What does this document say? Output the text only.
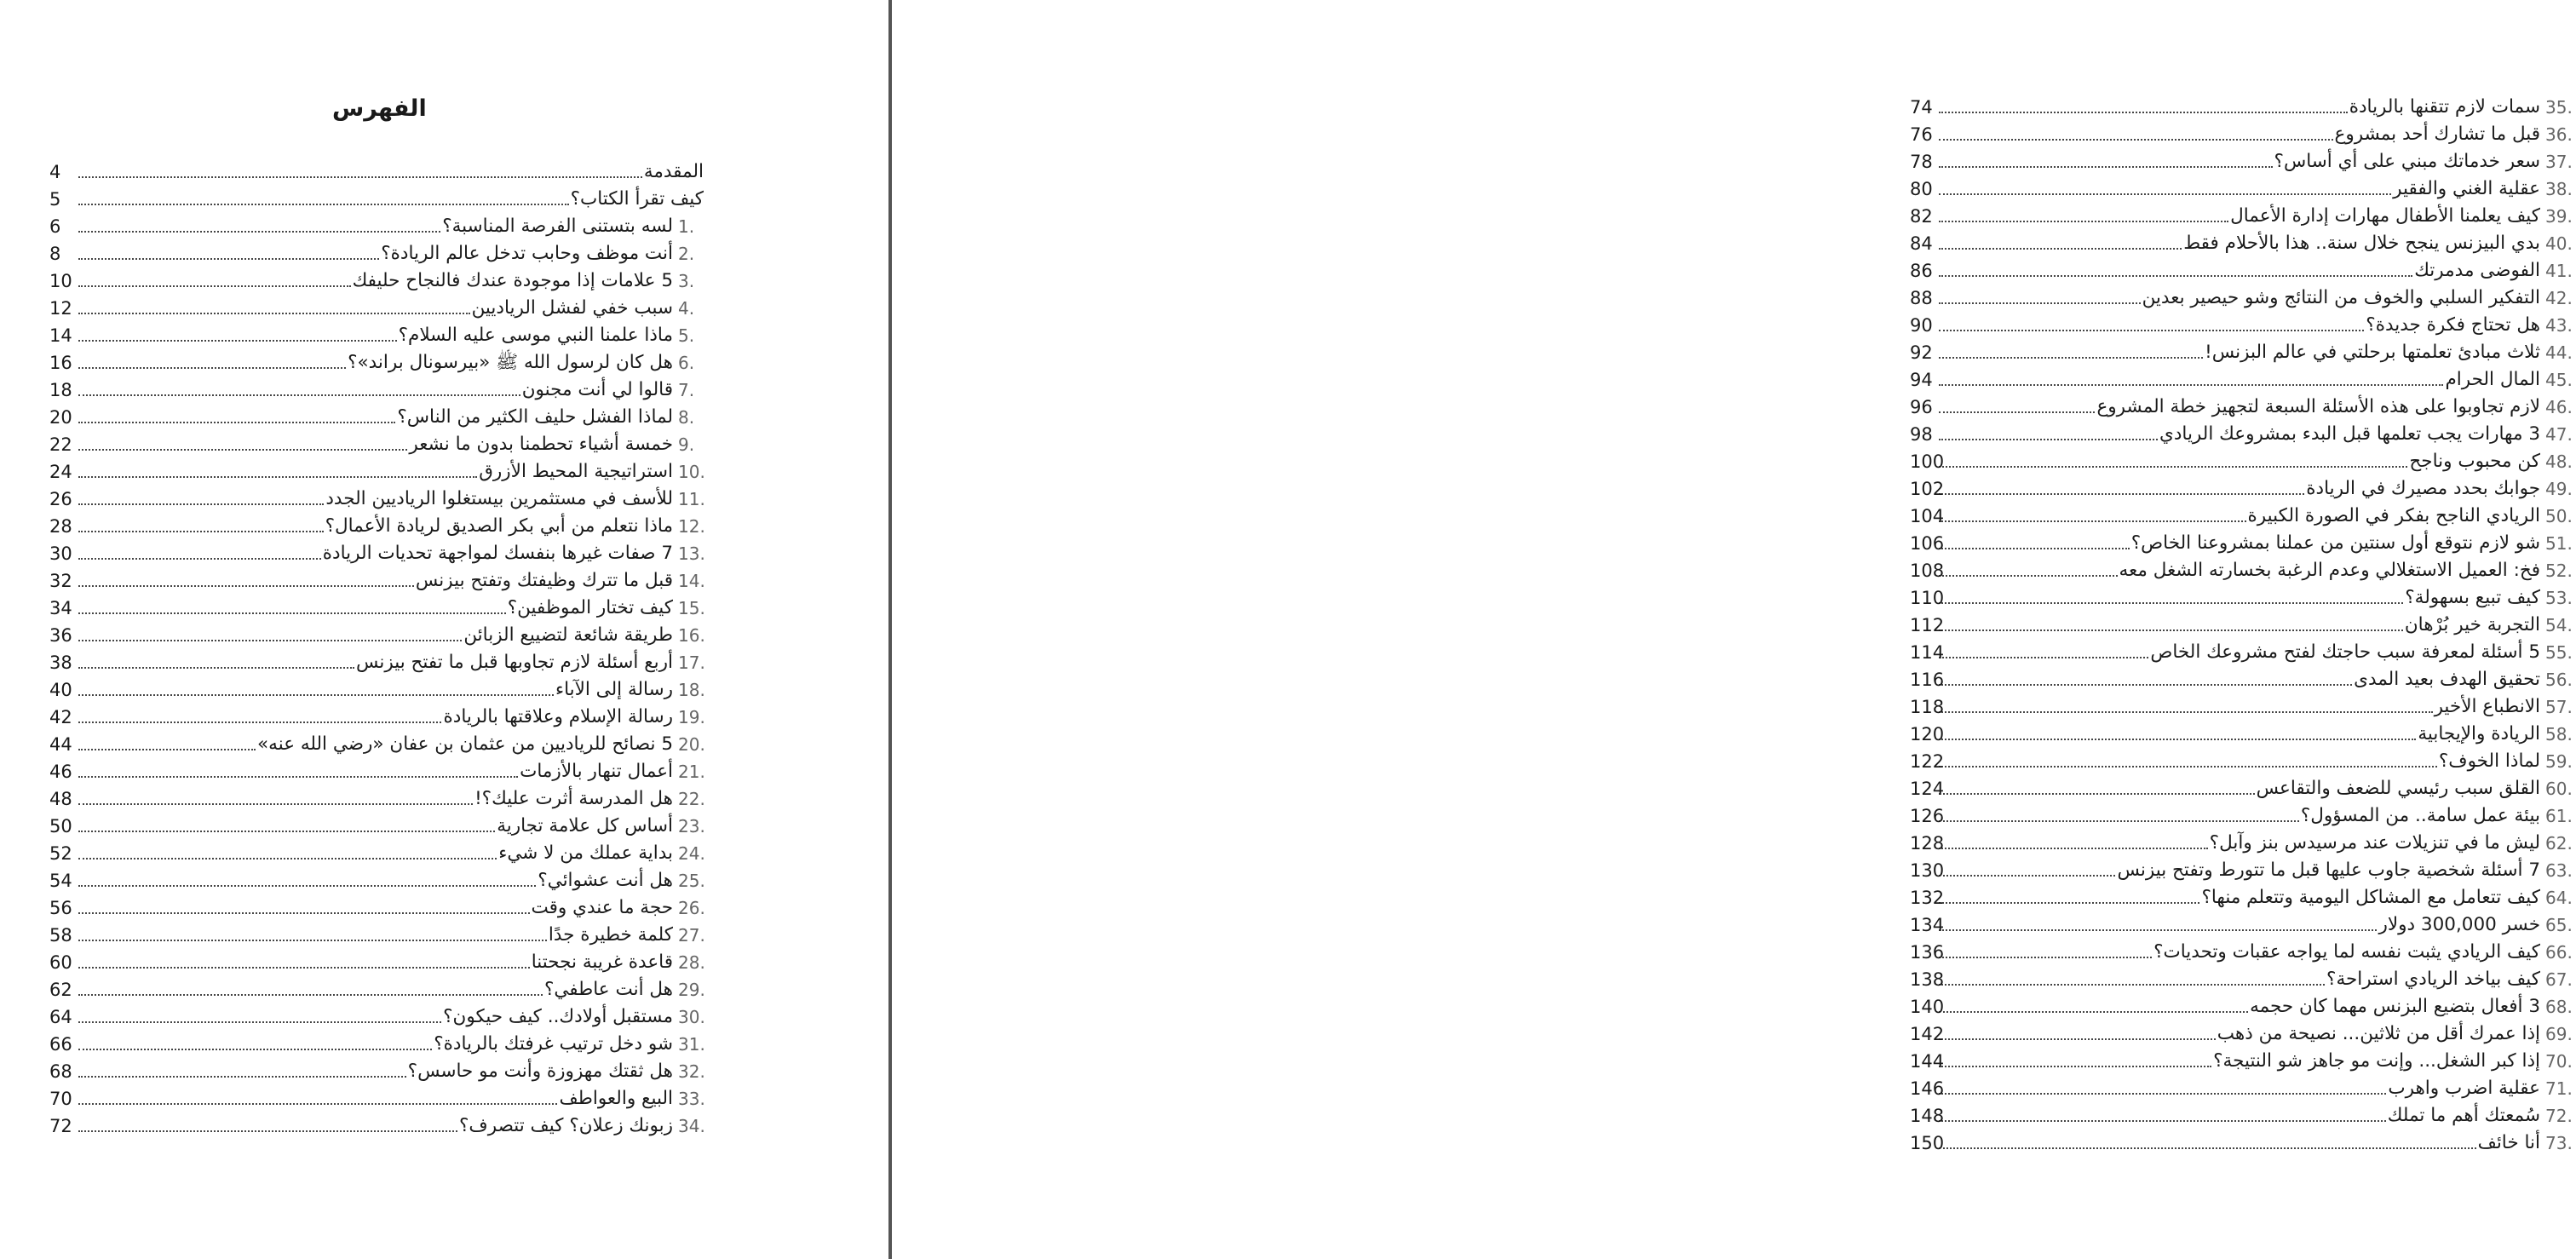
الفهرس
المقدمة
4
كيف تقرأ الكتاب؟
5
1.
لسه بتستنى الفرصة المناسبة؟
6
2.
أنت موظف وحابب تدخل عالم الريادة؟
8
3.
5 علامات إذا موجودة عندك فالنجاح حليفك
10
4.
سبب خفي لفشل الرياديين
12
5.
ماذا علمنا النبي موسى عليه السلام؟
14
6.
هل كان لرسول الله ﷺ «بيرسونال براند»؟
16
7.
قالوا لي أنت مجنون
18
8.
لماذا الفشل حليف الكثير من الناس؟
20
9.
خمسة أشياء تحطمنا بدون ما نشعر
22
10.
استراتيجية المحيط الأزرق
24
11.
للأسف في مستثمرين بيستغلوا الرياديين الجدد
26
12.
ماذا نتعلم من أبي بكر الصديق لريادة الأعمال؟
28
13.
7 صفات غيرها بنفسك لمواجهة تحديات الريادة
30
14.
قبل ما تترك وظيفتك وتفتح بيزنس
32
15.
كيف تختار الموظفين؟
34
16.
طريقة شائعة لتضييع الزبائن
36
17.
أربع أسئلة لازم تجاوبها قبل ما تفتح بيزنس
38
18.
رسالة إلى الآباء
40
19.
رسالة الإسلام وعلاقتها بالريادة
42
20.
5 نصائح للرياديين من عثمان بن عفان «رضي الله عنه»
44
21.
أعمال تنهار بالأزمات
46
22.
هل المدرسة أثرت عليك؟!
48
23.
أساس كل علامة تجارية
50
24.
بداية عملك من لا شيء
52
25.
هل أنت عشوائي؟
54
26.
حجة ما عندي وقت
56
27.
كلمة خطيرة جدًا
58
28.
قاعدة غريبة نجحتنا
60
29.
هل أنت عاطفي؟
62
30.
مستقبل أولادك.. كيف حيكون؟
64
31.
شو دخل ترتيب غرفتك بالريادة؟
66
32.
هل ثقتك مهزوزة وأنت مو حاسس؟
68
33.
البيع والعواطف
70
34.
زبونك زعلان؟ كيف تتصرف؟
72
35.
سمات لازم تتقنها بالريادة
74
36.
قبل ما تشارك أحد بمشروع
76
37.
سعر خدماتك مبني على أي أساس؟
78
38.
عقلية الغني والفقير
80
39.
كيف يعلمنا الأطفال مهارات إدارة الأعمال
82
40.
بدي البيزنس ينجح خلال سنة.. هذا بالأحلام فقط
84
41.
الفوضى مدمرتك
86
42.
التفكير السلبي والخوف من النتائج وشو حيصير بعدين
88
43.
هل تحتاج فكرة جديدة؟
90
44.
ثلاث مبادئ تعلمتها برحلتي في عالم البزنس!
92
45.
المال الحرام
94
46.
لازم تجاوبوا على هذه الأسئلة السبعة لتجهيز خطة المشروع
96
47.
3 مهارات يجب تعلمها قبل البدء بمشروعك الريادي
98
48.
كن محبوب وناجح
100
49.
جوابك بحدد مصيرك في الريادة
102
50.
الريادي الناجح بفكر في الصورة الكبيرة
104
51.
شو لازم نتوقع أول سنتين من عملنا بمشروعنا الخاص؟
106
52.
فخ: العميل الاستغلالي وعدم الرغبة بخسارته الشغل معه
108
53.
كيف تبيع بسهولة؟
110
54.
التجربة خير بُرْهان
112
55.
5 أسئلة لمعرفة سبب حاجتك لفتح مشروعك الخاص
114
56.
تحقيق الهدف بعيد المدى
116
57.
الانطباع الأخير
118
58.
الريادة والإيجابية
120
59.
لماذا الخوف؟
122
60.
القلق سبب رئيسي للضعف والتقاعس
124
61.
بيئة عمل سامة.. من المسؤول؟
126
62.
ليش ما في تنزيلات عند مرسيدس بنز وآبل؟
128
63.
7 أسئلة شخصية جاوب عليها قبل ما تتورط وتفتح بيزنس
130
64.
كيف تتعامل مع المشاكل اليومية وتتعلم منها؟
132
65.
خسر 300,000 دولار
134
66.
كيف الريادي يثبت نفسه لما يواجه عقبات وتحديات؟
136
67.
كيف بياخد الريادي استراحة؟
138
68.
3 أفعال بتضيع البزنس مهما كان حجمه
140
69.
إذا عمرك أقل من ثلاثين... نصيحة من ذهب
142
70.
إذا كبر الشغل... وإنت مو جاهز شو النتيجة؟
144
71.
عقلية اضرب واهرب
146
72.
سُمعتك أهم ما تملك
148
73.
أنا خائف
150
